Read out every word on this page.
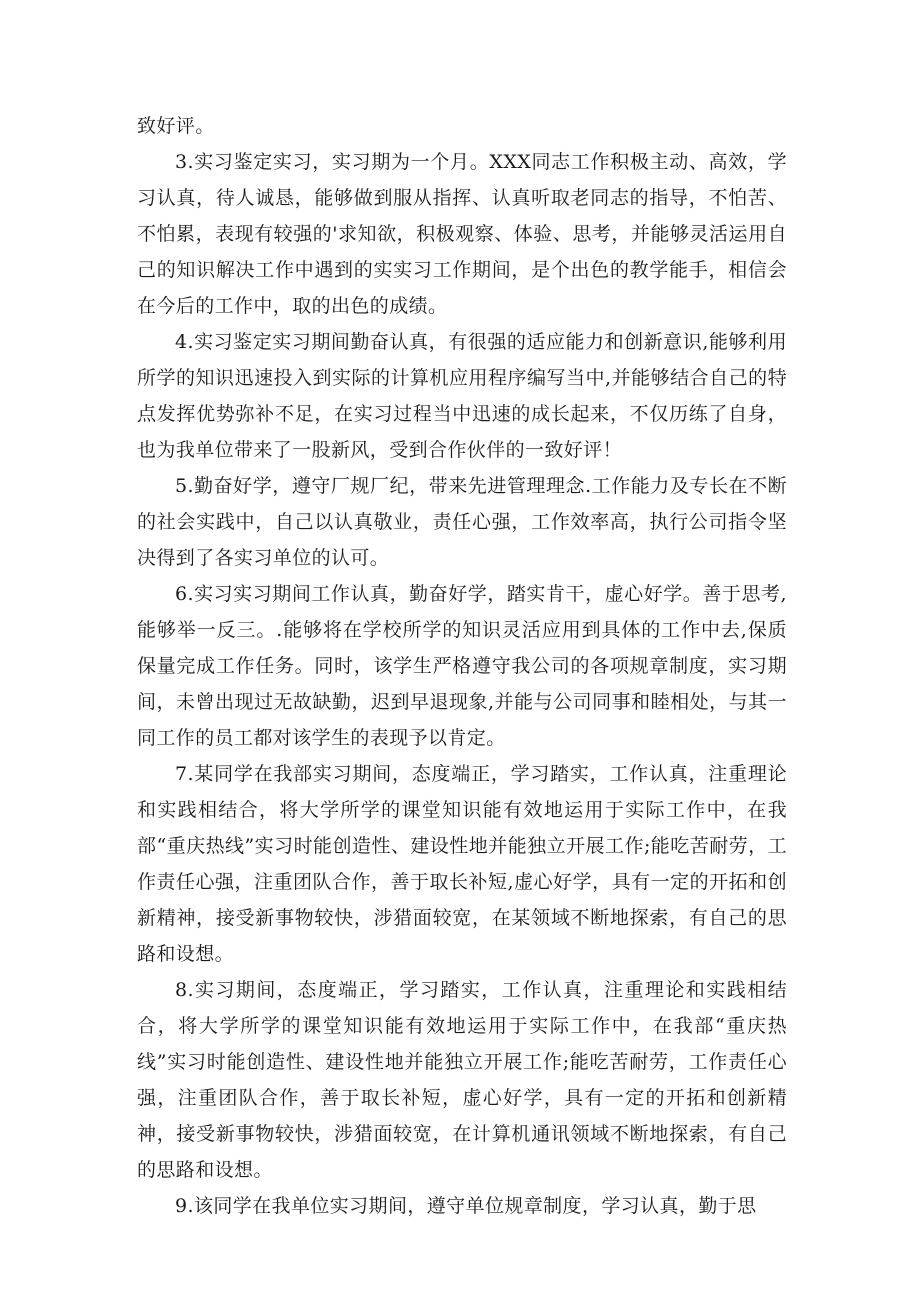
致好评。

3.实习鉴定实习，实习期为一个月。XXX同志工作积极主动、高效，学习认真，待人诚恳，能够做到服从指挥、认真听取老同志的指导，不怕苦、不怕累，表现有较强的'求知欲，积极观察、体验、思考，并能够灵活运用自己的知识解决工作中遇到的实实习工作期间，是个出色的教学能手，相信会在今后的工作中，取的出色的成绩。

4.实习鉴定实习期间勤奋认真，有很强的适应能力和创新意识,能够利用所学的知识迅速投入到实际的计算机应用程序编写当中,并能够结合自己的特点发挥优势弥补不足，在实习过程当中迅速的成长起来，不仅历练了自身，也为我单位带来了一股新风，受到合作伙伴的一致好评！

5.勤奋好学，遵守厂规厂纪，带来先进管理理念.工作能力及专长在不断的社会实践中，自己以认真敬业，责任心强，工作效率高，执行公司指令坚决得到了各实习单位的认可。

6.实习实习期间工作认真，勤奋好学，踏实肯干，虚心好学。善于思考,能够举一反三。.能够将在学校所学的知识灵活应用到具体的工作中去,保质保量完成工作任务。同时，该学生严格遵守我公司的各项规章制度，实习期间，未曾出现过无故缺勤，迟到早退现象,并能与公司同事和睦相处，与其一同工作的员工都对该学生的表现予以肯定。

7.某同学在我部实习期间，态度端正，学习踏实，工作认真，注重理论和实践相结合，将大学所学的课堂知识能有效地运用于实际工作中，在我部“重庆热线”实习时能创造性、建设性地并能独立开展工作;能吃苦耐劳，工作责任心强，注重团队合作，善于取长补短,虚心好学，具有一定的开拓和创新精神，接受新事物较快，涉猎面较宽，在某领域不断地探索，有自己的思路和设想。

8.实习期间，态度端正，学习踏实，工作认真，注重理论和实践相结合，将大学所学的课堂知识能有效地运用于实际工作中，在我部“重庆热线”实习时能创造性、建设性地并能独立开展工作;能吃苦耐劳，工作责任心强，注重团队合作，善于取长补短，虚心好学，具有一定的开拓和创新精神，接受新事物较快，涉猎面较宽，在计算机通讯领域不断地探索，有自己的思路和设想。

9.该同学在我单位实习期间，遵守单位规章制度，学习认真，勤于思
